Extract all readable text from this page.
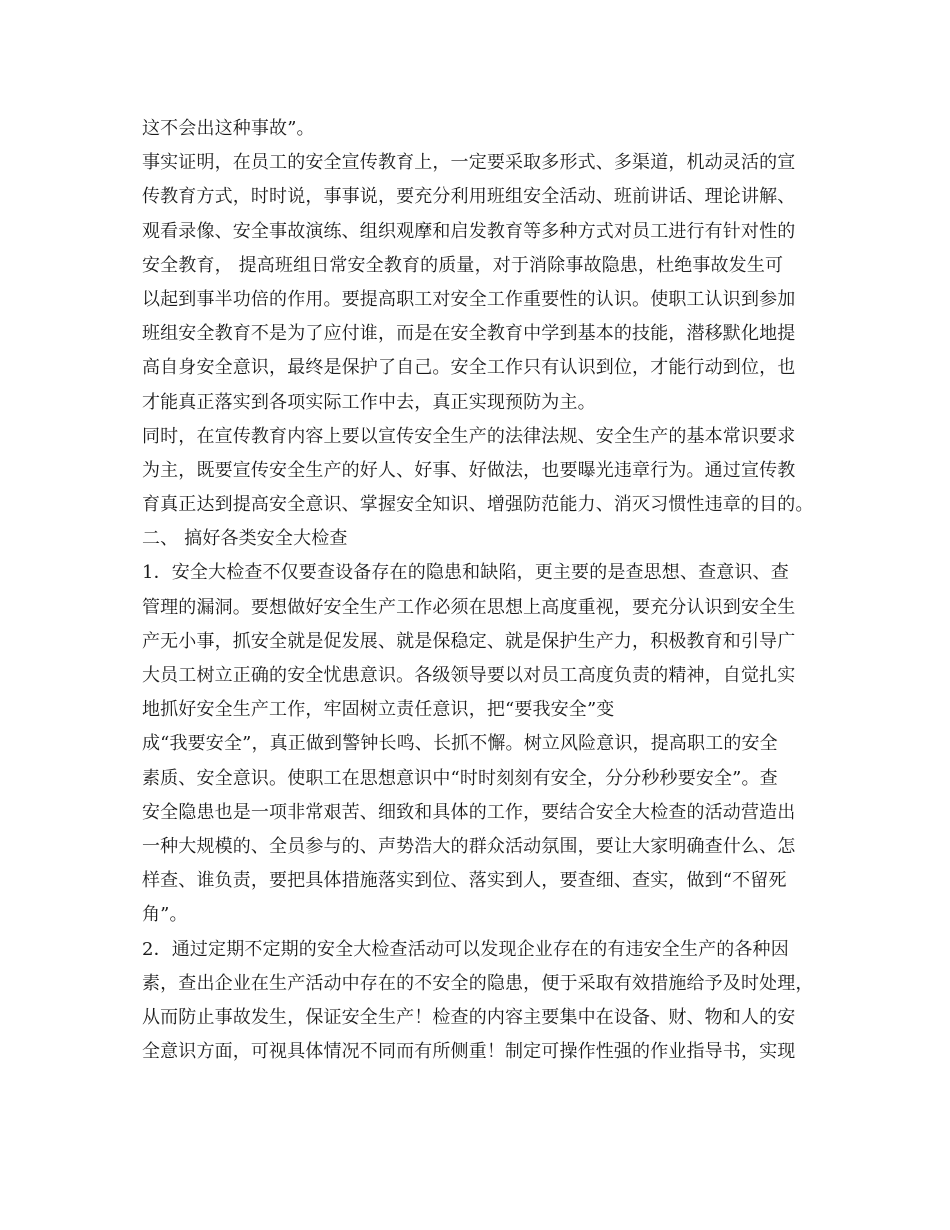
这不会出这种事故”。
事实证明，在员工的安全宣传教育上，一定要采取多形式、多渠道，机动灵活的宣
传教育方式，时时说，事事说，要充分利用班组安全活动、班前讲话、理论讲解、
观看录像、安全事故演练、组织观摩和启发教育等多种方式对员工进行有针对性的
安全教育， 提高班组日常安全教育的质量，对于消除事故隐患，杜绝事故发生可
以起到事半功倍的作用。要提高职工对安全工作重要性的认识。使职工认识到参加
班组安全教育不是为了应付谁，而是在安全教育中学到基本的技能，潜移默化地提
高自身安全意识，最终是保护了自己。安全工作只有认识到位，才能行动到位，也
才能真正落实到各项实际工作中去，真正实现预防为主。
同时，在宣传教育内容上要以宣传安全生产的法律法规、安全生产的基本常识要求
为主，既要宣传安全生产的好人、好事、好做法，也要曝光违章行为。通过宣传教
育真正达到提高安全意识、掌握安全知识、增强防范能力、消灭习惯性违章的目的。
二、 搞好各类安全大检查
1．安全大检查不仅要查设备存在的隐患和缺陷，更主要的是查思想、查意识、查
管理的漏洞。要想做好安全生产工作必须在思想上高度重视，要充分认识到安全生
产无小事，抓安全就是促发展、就是保稳定、就是保护生产力，积极教育和引导广
大员工树立正确的安全忧患意识。各级领导要以对员工高度负责的精神，自觉扎实
地抓好安全生产工作，牢固树立责任意识，把“要我安全”变
成“我要安全”，真正做到警钟长鸣、长抓不懈。树立风险意识，提高职工的安全
素质、安全意识。使职工在思想意识中“时时刻刻有安全，分分秒秒要安全”。查
安全隐患也是一项非常艰苦、细致和具体的工作，要结合安全大检查的活动营造出
一种大规模的、全员参与的、声势浩大的群众活动氛围，要让大家明确查什么、怎
样查、谁负责，要把具体措施落实到位、落实到人，要查细、查实，做到“不留死
角”。
2．通过定期不定期的安全大检查活动可以发现企业存在的有违安全生产的各种因
素，查出企业在生产活动中存在的不安全的隐患，便于采取有效措施给予及时处理，
从而防止事故发生，保证安全生产！检查的内容主要集中在设备、财、物和人的安
全意识方面，可视具体情况不同而有所侧重！制定可操作性强的作业指导书，实现
